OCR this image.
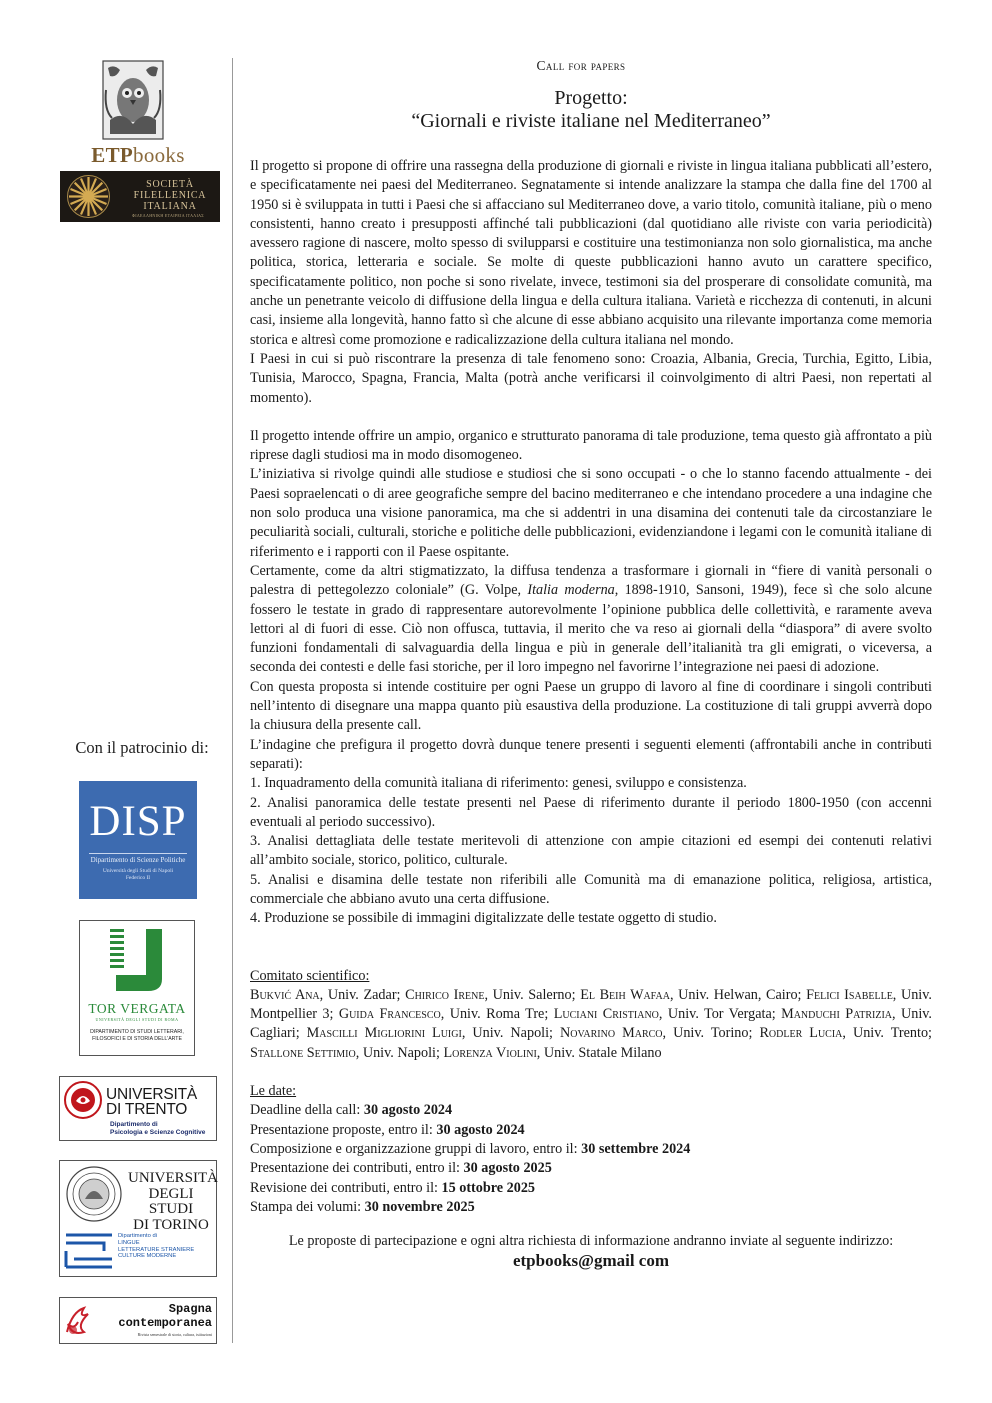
ETPbooks
SOCIETÀ
FILELLENICA
ITALIANA
ΦΙΛΕΛΛΗΝΙΚΗ ΕΤΑΙΡΕΙΑ ΙΤΑΛΙΑΣ
Con il patrocinio di:
DISP
Dipartimento di Scienze Politiche
Università degli Studi di Napoli
Federico II
TOR VERGATA
UNIVERSITÀ DEGLI STUDI DI ROMA
DIPARTIMENTO DI STUDI LETTERARI,
FILOSOFICI E DI STORIA DELL'ARTE
UNIVERSITÀ
DI TRENTO
Dipartimento di
Psicologia e Scienze Cognitive
UNIVERSITÀ
DEGLI STUDI
DI TORINO
Dipartimento di
LINGUE
LETTERATURE STRANIERE
CULTURE MODERNE
Spagna
contemporanea
Rivista semestrale di storia, cultura, istituzioni
Call for papers
Progetto:
“Giornali e riviste italiane nel Mediterraneo”

Il progetto si propone di offrire una rassegna della produzione di giornali e riviste in lingua italiana pubblicati all’estero, e specificatamente nei paesi del Mediterraneo. Segnatamente si intende analizzare la stampa che dalla fine del 1700 al 1950 si è sviluppata in tutti i Paesi che si affacciano sul Mediterraneo dove, a vario titolo, comunità italiane, più o meno consistenti, hanno creato i presupposti affinché tali pubblicazioni (dal quotidiano alle riviste con varia periodicità) avessero ragione di nascere, molto spesso di svilupparsi e costituire una testimonianza non solo giornalistica, ma anche politica, storica, letteraria e sociale. Se molte di queste pubblicazioni hanno avuto un carattere specifico, specificatamente politico, non poche si sono rivelate, invece, testimoni sia del prosperare di consolidate comunità, ma anche un penetrante veicolo di diffusione della lingua e della cultura italiana. Varietà e ricchezza di contenuti, in alcuni casi, insieme alla longevità, hanno fatto sì che alcune di esse abbiano acquisito una rilevante importanza come memoria storica e altresì come promozione e radicalizzazione della cultura italiana nel mondo.

I Paesi in cui si può riscontrare la presenza di tale fenomeno sono: Croazia, Albania, Grecia, Turchia, Egitto, Libia, Tunisia, Marocco, Spagna, Francia, Malta (potrà anche verificarsi il coinvolgimento di altri Paesi, non repertati al momento).

Il progetto intende offrire un ampio, organico e strutturato panorama di tale produzione, tema questo già affrontato a più riprese dagli studiosi ma in modo disomogeneo.

L’iniziativa si rivolge quindi alle studiose e studiosi che si sono occupati - o che lo stanno facendo attualmente - dei Paesi sopraelencati o di aree geografiche sempre del bacino mediterraneo e che intendano procedere a una indagine che non solo produca una visione panoramica, ma che si addentri in una disamina dei contenuti tale da circostanziare le peculiarità sociali, culturali, storiche e politiche delle pubblicazioni, evidenziandone i legami con le comunità italiane di riferimento e i rapporti con il Paese ospitante.

Certamente, come da altri stigmatizzato, la diffusa tendenza a trasformare i giornali in “fiere di vanità personali o palestra di pettegolezzo coloniale” (G. Volpe, Italia moderna, 1898-1910, Sansoni, 1949), fece sì che solo alcune fossero le testate in grado di rappresentare autorevolmente l’opinione pubblica delle collettività, e raramente aveva lettori al di fuori di esse. Ciò non offusca, tuttavia, il merito che va reso ai giornali della “diaspora” di avere svolto funzioni fondamentali di salvaguardia della lingua e più in generale dell’italianità tra gli emigrati, o viceversa, a seconda dei contesti e delle fasi storiche, per il loro impegno nel favorirne l’integrazione nei paesi di adozione.

Con questa proposta si intende costituire per ogni Paese un gruppo di lavoro al fine di coordinare i singoli contributi nell’intento di disegnare una mappa quanto più esaustiva della produzione. La costituzione di tali gruppi avverrà dopo la chiusura della presente call.

L’indagine che prefigura il progetto dovrà dunque tenere presenti i seguenti elementi (affrontabili anche in contributi separati):

1. Inquadramento della comunità italiana di riferimento: genesi, sviluppo e consistenza.

2. Analisi panoramica delle testate presenti nel Paese di riferimento durante il periodo 1800-1950 (con accenni eventuali al periodo successivo).

3. Analisi dettagliata delle testate meritevoli di attenzione con ampie citazioni ed esempi dei contenuti relativi all’ambito sociale, storico, politico, culturale.

5. Analisi e disamina delle testate non riferibili alle Comunità ma di emanazione politica, religiosa, artistica, commerciale che abbiano avuto una certa diffusione.

4. Produzione se possibile di immagini digitalizzate delle testate oggetto di studio.

Comitato scientifico:

Bukvić Ana, Univ. Zadar; Chirico Irene, Univ. Salerno; El Beih Wafaa, Univ. Helwan, Cairo; Felici Isabelle, Univ. Montpellier 3; Guida Francesco, Univ. Roma Tre; Luciani Cristiano, Univ. Tor Vergata; Manduchi Patrizia, Univ. Cagliari; Mascilli Migliorini Luigi, Univ. Napoli; Novarino Marco, Univ. Torino; Rodler Lucia, Univ. Trento; Stallone Settimio, Univ. Napoli; Lorenza Violini, Univ. Statale Milano

Le date:

Deadline della call: 30 agosto 2024
Presentazione proposte, entro il: 30 agosto 2024
Composizione e organizzazione gruppi di lavoro, entro il: 30 settembre 2024
Presentazione dei contributi, entro il: 30 agosto 2025
Revisione dei contributi, entro il: 15 ottobre 2025
Stampa dei volumi: 30 novembre 2025
Le proposte di partecipazione e ogni altra richiesta di informazione andranno inviate al seguente indirizzo:
etpbooks@gmail com
